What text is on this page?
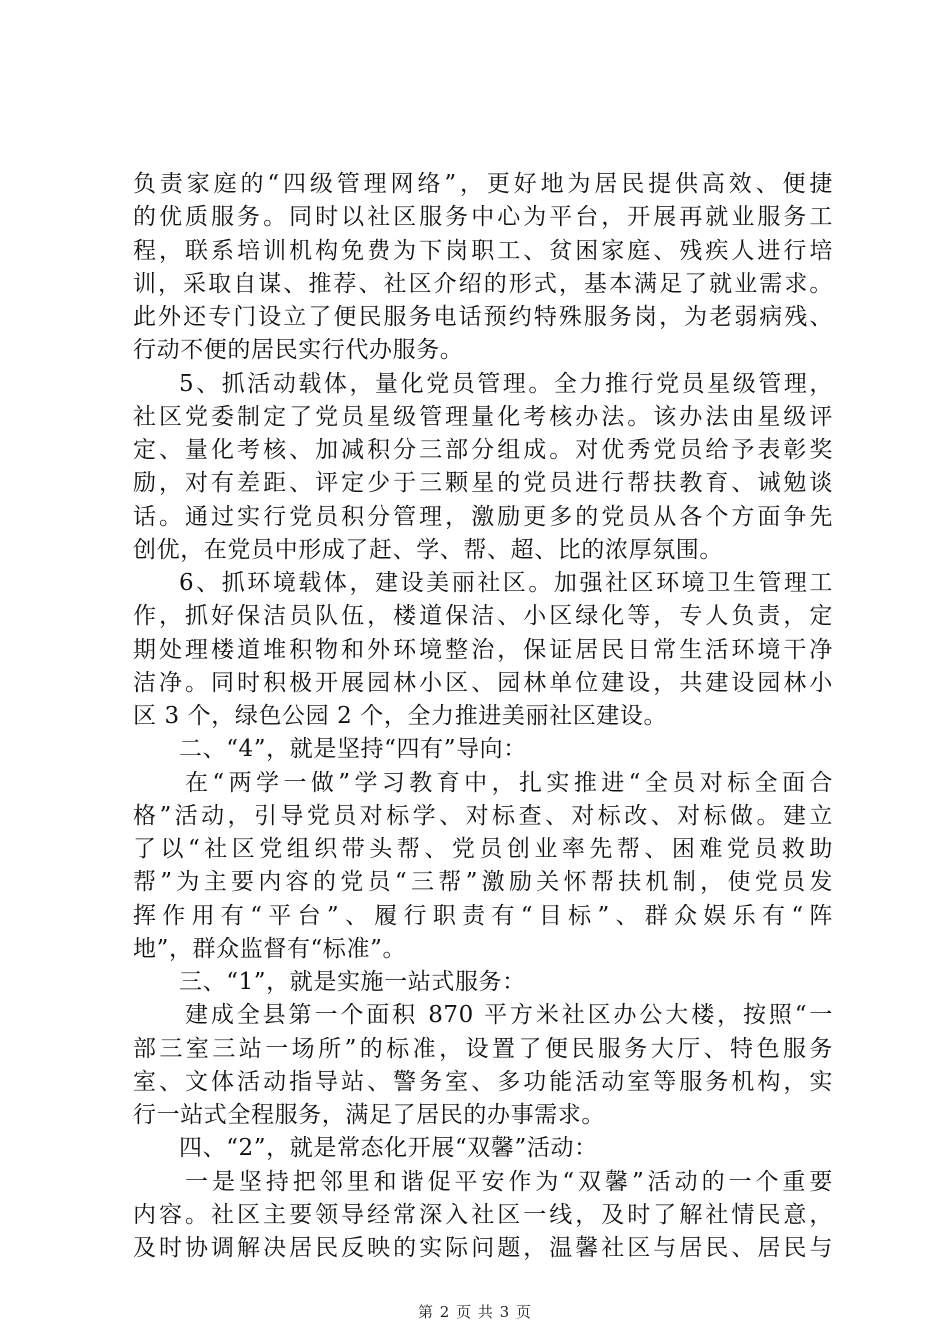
负责家庭的“四级管理网络”，更好地为居民提供高效、便捷
的优质服务。同时以社区服务中心为平台，开展再就业服务工
程，联系培训机构免费为下岗职工、贫困家庭、残疾人进行培
训，采取自谋、推荐、社区介绍的形式，基本满足了就业需求。
此外还专门设立了便民服务电话预约特殊服务岗，为老弱病残、
行动不便的居民实行代办服务。
5、抓活动载体，量化党员管理。全力推行党员星级管理，
社区党委制定了党员星级管理量化考核办法。该办法由星级评
定、量化考核、加减积分三部分组成。对优秀党员给予表彰奖
励，对有差距、评定少于三颗星的党员进行帮扶教育、诫勉谈
话。通过实行党员积分管理，激励更多的党员从各个方面争先
创优，在党员中形成了赶、学、帮、超、比的浓厚氛围。
6、抓环境载体，建设美丽社区。加强社区环境卫生管理工
作，抓好保洁员队伍，楼道保洁、小区绿化等，专人负责，定
期处理楼道堆积物和外环境整治，保证居民日常生活环境干净
洁净。同时积极开展园林小区、园林单位建设，共建设园林小
区 3 个，绿色公园 2 个，全力推进美丽社区建设。
二、“4”，就是坚持“四有”导向：
在“两学一做”学习教育中，扎实推进“全员对标全面合
格”活动，引导党员对标学、对标查、对标改、对标做。建立
了以“社区党组织带头帮、党员创业率先帮、困难党员救助
帮”为主要内容的党员“三帮”激励关怀帮扶机制，使党员发
挥作用有“平台”、履行职责有“目标”、群众娱乐有“阵
地”，群众监督有“标准”。
三、“1”，就是实施一站式服务：
建成全县第一个面积 870 平方米社区办公大楼，按照“一
部三室三站一场所”的标准，设置了便民服务大厅、特色服务
室、文体活动指导站、警务室、多功能活动室等服务机构，实
行一站式全程服务，满足了居民的办事需求。
四、“2”，就是常态化开展“双馨”活动：
一是坚持把邻里和谐促平安作为“双馨”活动的一个重要
内容。社区主要领导经常深入社区一线，及时了解社情民意，
及时协调解决居民反映的实际问题，温馨社区与居民、居民与
第 2 页 共 3 页
